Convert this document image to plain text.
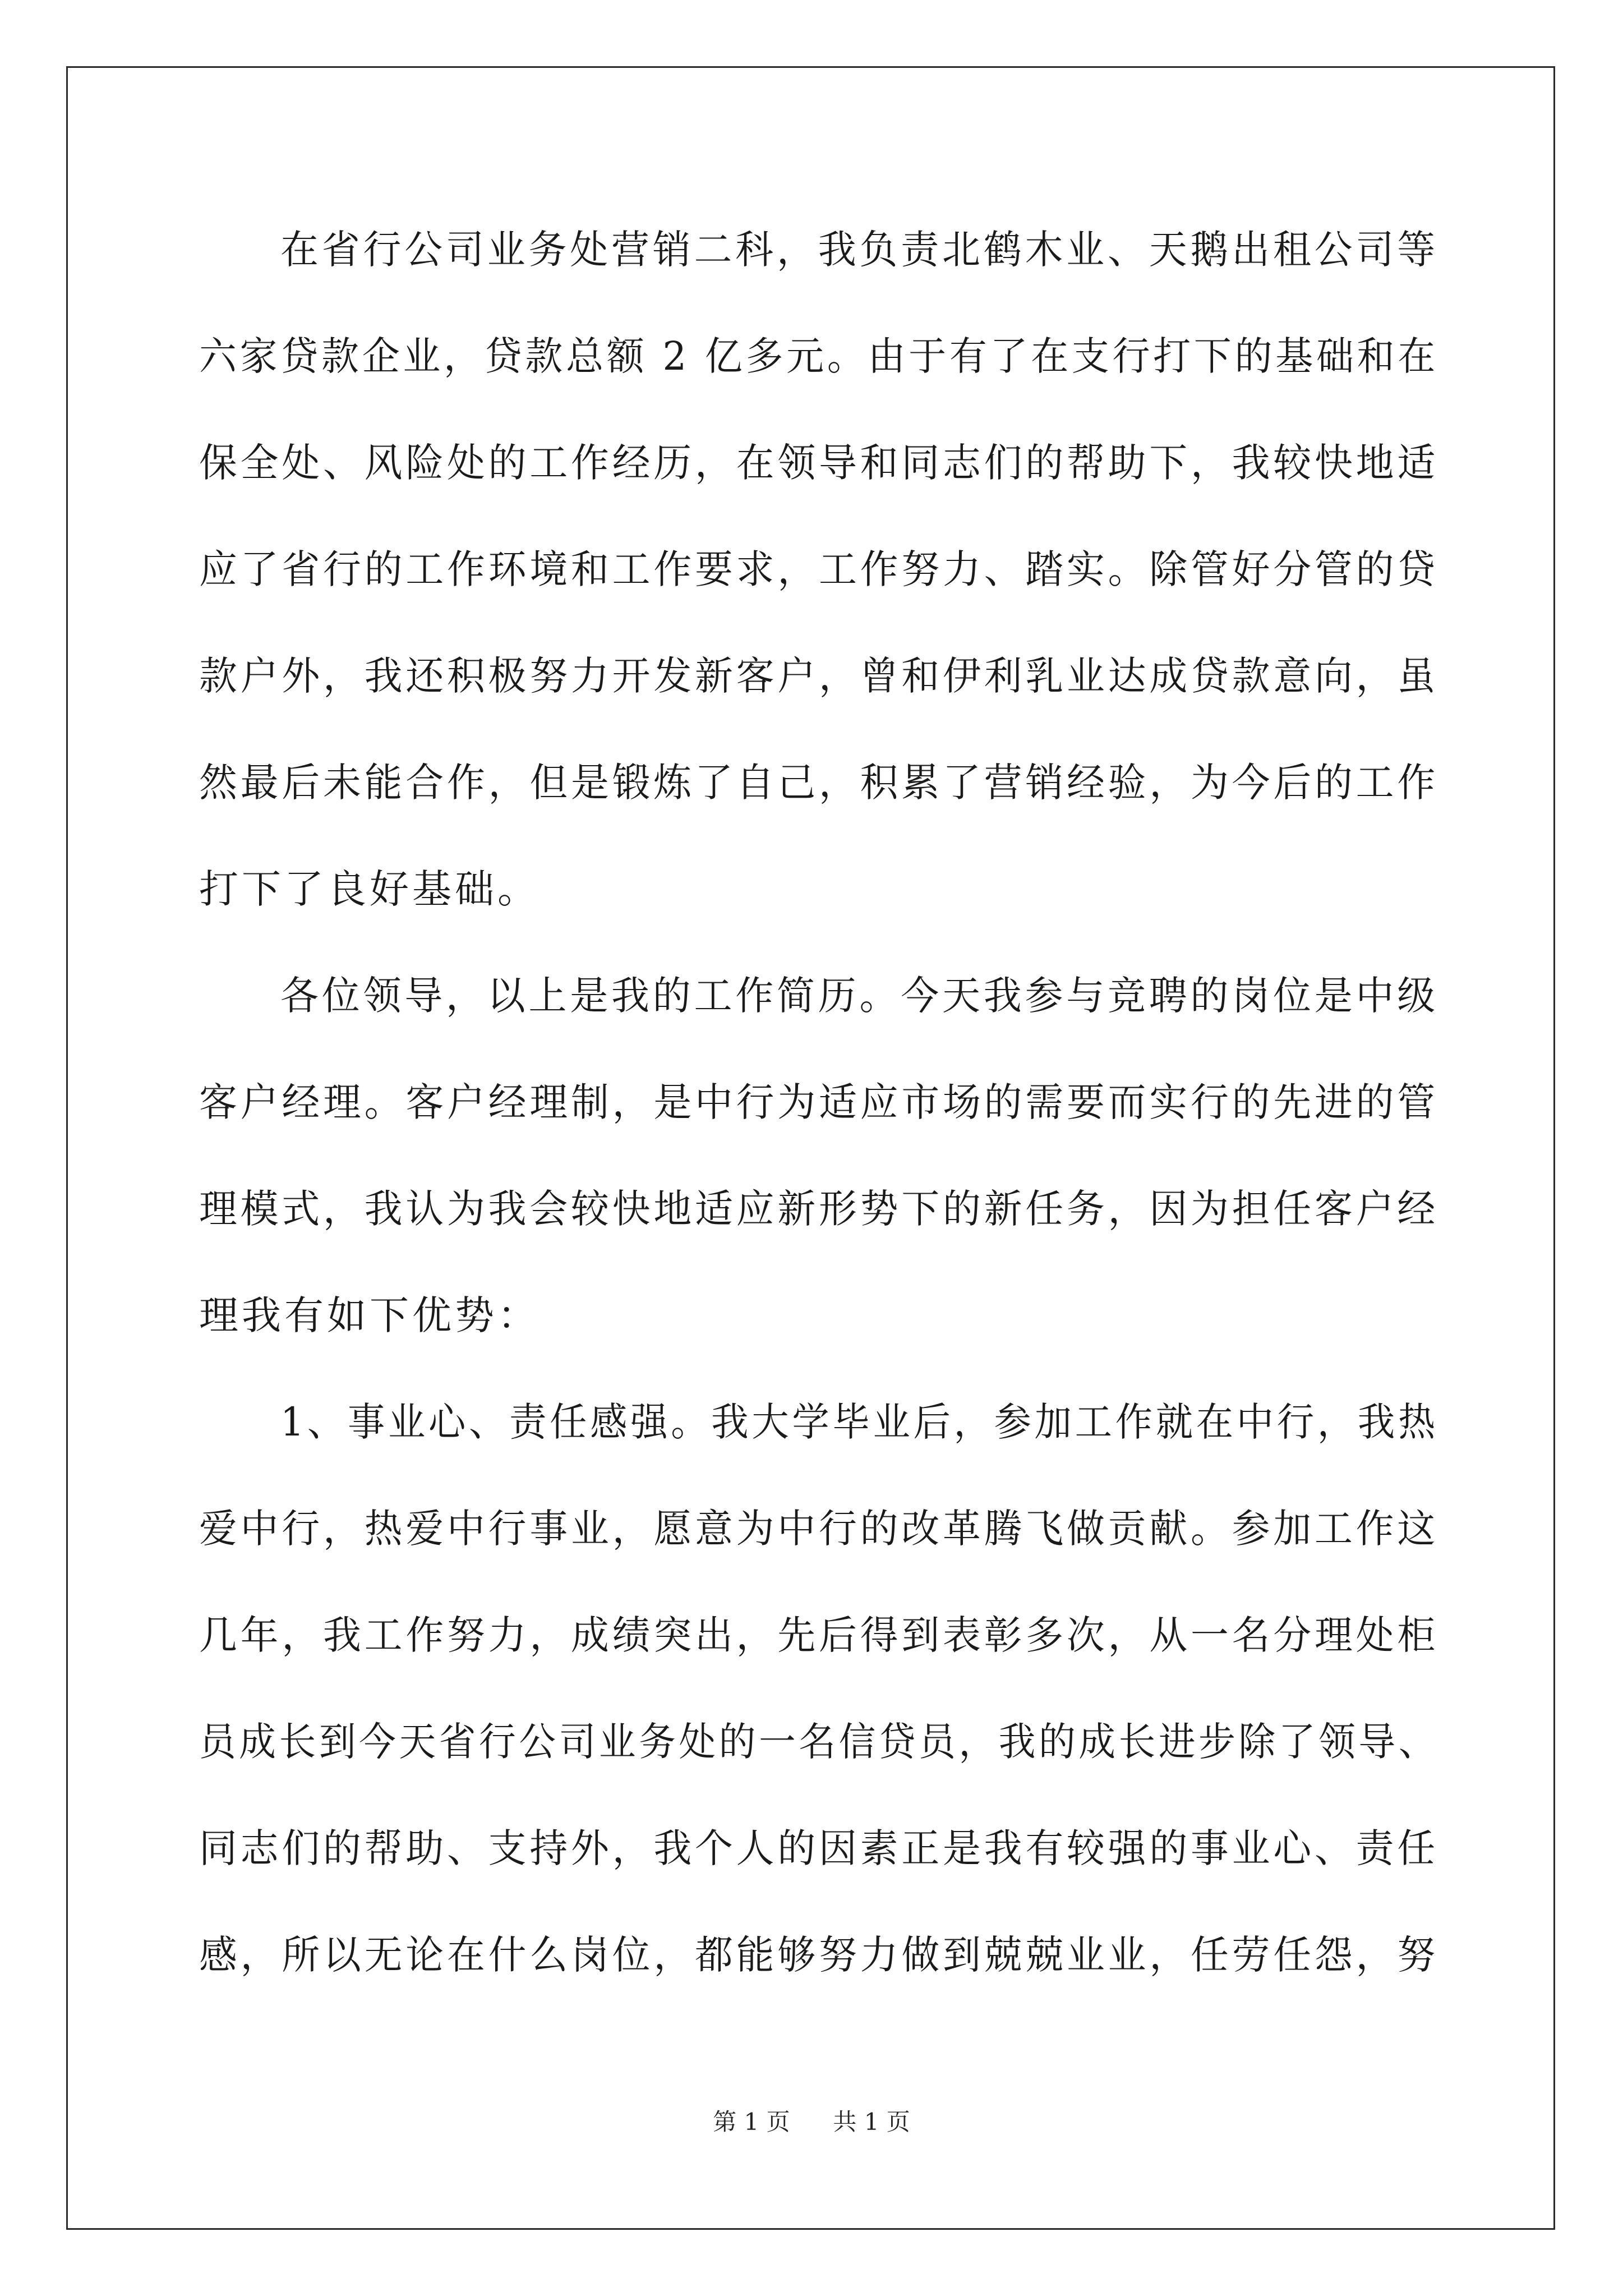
在省行公司业务处营销二科，我负责北鹤木业、天鹅出租公司等
六家贷款企业，贷款总额 2 亿多元。由于有了在支行打下的基础和在
保全处、风险处的工作经历，在领导和同志们的帮助下，我较快地适
应了省行的工作环境和工作要求，工作努力、踏实。除管好分管的贷
款户外，我还积极努力开发新客户，曾和伊利乳业达成贷款意向，虽
然最后未能合作，但是锻炼了自己，积累了营销经验，为今后的工作
打下了良好基础。
各位领导，以上是我的工作简历。今天我参与竞聘的岗位是中级
客户经理。客户经理制，是中行为适应市场的需要而实行的先进的管
理模式，我认为我会较快地适应新形势下的新任务，因为担任客户经
理我有如下优势：
1、事业心、责任感强。我大学毕业后，参加工作就在中行，我热
爱中行，热爱中行事业，愿意为中行的改革腾飞做贡献。参加工作这
几年，我工作努力，成绩突出，先后得到表彰多次，从一名分理处柜
员成长到今天省行公司业务处的一名信贷员，我的成长进步除了领导、
同志们的帮助、支持外，我个人的因素正是我有较强的事业心、责任
感，所以无论在什么岗位，都能够努力做到兢兢业业，任劳任怨，努
第 1 页 共 1 页
